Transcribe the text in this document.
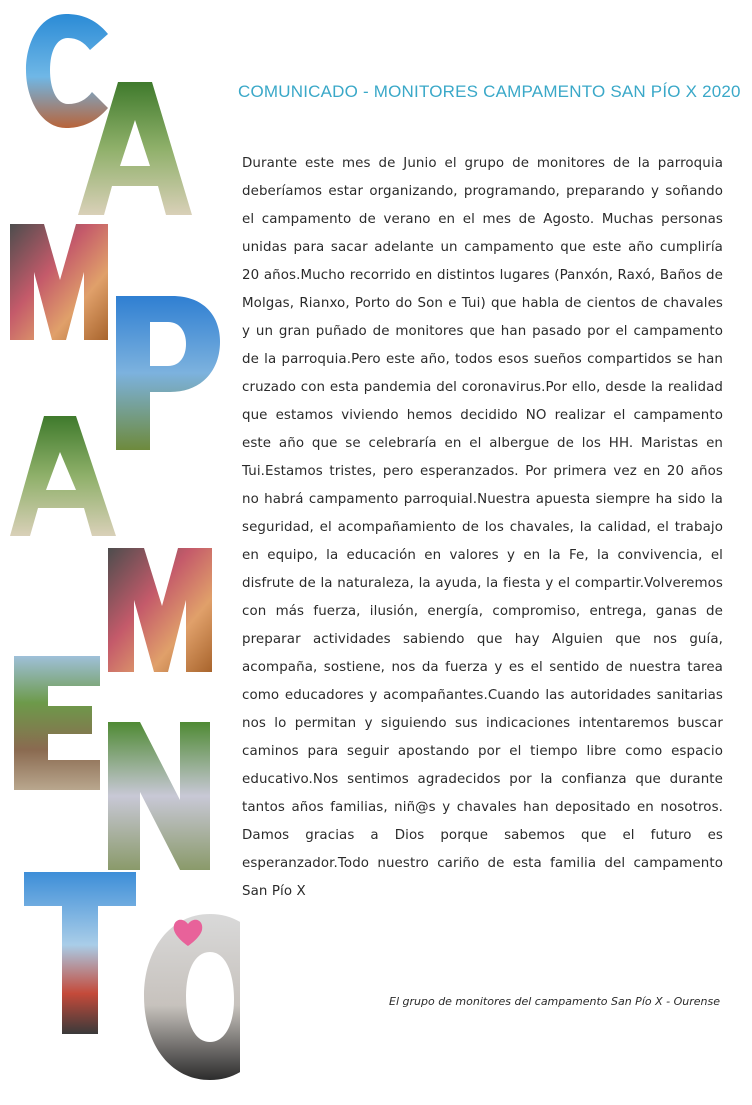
COMUNICADO - MONITORES CAMPAMENTO SAN PÍO X 2020
Durante este mes de Junio el grupo de monitores de la parroquia deberíamos estar organizando, programando, preparando y soñando el campamento de verano en el mes de Agosto. Muchas personas unidas para sacar adelante un campamento que este año cumpliría 20 años.Mucho recorrido en distintos lugares (Panxón, Raxó, Baños de Molgas, Rianxo, Porto do Son e Tui) que habla de cientos de chavales y un gran puñado de monitores que han pasado por el campamento de la parroquia.Pero este año, todos esos sueños compartidos se han cruzado con esta pandemia del coronavirus.Por ello, desde la realidad que estamos viviendo hemos decidido NO realizar el campamento este año que se celebraría en el albergue de los HH. Maristas en Tui.Estamos tristes, pero esperanzados. Por primera vez en 20 años no habrá campamento parroquial.Nuestra apuesta siempre ha sido la seguridad, el acompañamiento de los chavales, la calidad, el trabajo en equipo, la educación en valores y en la Fe, la convivencia, el disfrute de la naturaleza, la ayuda, la fiesta y el compartir.Volveremos con más fuerza, ilusión, energía, compromiso, entrega, ganas de preparar actividades sabiendo que hay Alguien que nos guía, acompaña, sostiene, nos da fuerza y es el sentido de nuestra tarea como educadores y acompañantes.Cuando las autoridades sanitarias nos lo permitan y siguiendo sus indicaciones intentaremos buscar caminos para seguir apostando por el tiempo libre como espacio educativo.Nos sentimos agradecidos por la confianza que durante tantos años familias, niñ@s y chavales han depositado en nosotros. Damos gracias a Dios porque sabemos que el futuro es esperanzador.Todo nuestro cariño de esta familia del campamento San Pío X
El grupo de monitores del campamento San Pío X - Ourense
